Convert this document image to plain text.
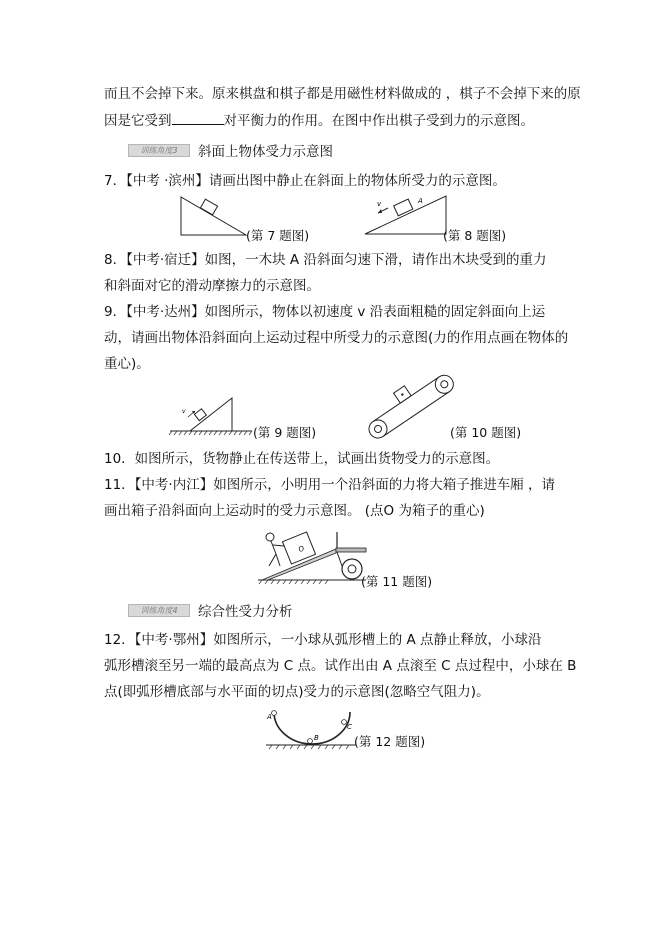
而且不会掉下来。原来棋盘和棋子都是用磁性材料做成的 ，棋子不会掉下来的原
因是它受到	对平衡力的作用。在图中作出棋子受到力的示意图。
训练角度3	斜面上物体受力示意图
7．【中考 ·滨州】请画出图中静止在斜面上的物体所受力的示意图。
(第 7 题图)
v	A
(第 8 题图)
8．【中考·宿迁】如图，一木块 A 沿斜面匀速下滑，请作出木块受到的重力
和斜面对它的滑动摩擦力的示意图。
9．【中考·达州】如图所示，物体以初速度 v 沿表面粗糙的固定斜面向上运
动，请画出物体沿斜面向上运动过程中所受力的示意图(力的作用点画在物体的
重心)。
v
(第 9 题图)	(第 10 题图)
10．如图所示，货物静止在传送带上，试画出货物受力的示意图。
11．【中考·内江】如图所示，小明用一个沿斜面的力将大箱子推进车厢 ，请
画出箱子沿斜面向上运动时的受力示意图。 (点O 为箱子的重心)
O
(第 11 题图)
训练角度4	综合性受力分析
12．【中考·鄂州】如图所示，一小球从弧形槽上的 A 点静止释放，小球沿
弧形槽滚至另一端的最高点为 C 点。试作出由 A 点滚至 C 点过程中，小球在 B
点(即弧形槽底部与水平面的切点)受力的示意图(忽略空气阻力)。
A
B
C
(第 12 题图)
